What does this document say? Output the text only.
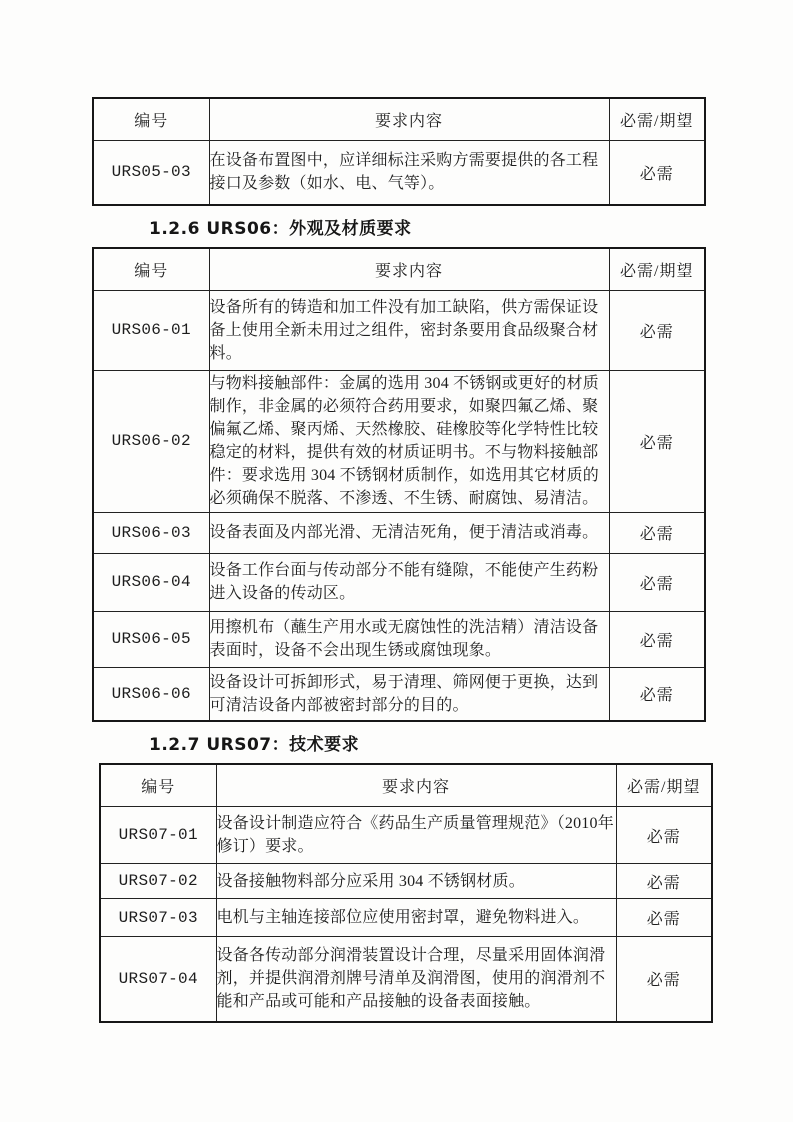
编号	要求内容	必需/期望
URS05-03	在设备布置图中，应详细标注采购方需要提供的各工程接口及参数（如水、电、气等）。	必需
1.2.6 URS06：外观及材质要求
编号	要求内容	必需/期望
URS06-01	设备所有的铸造和加工件没有加工缺陷，供方需保证设备上使用全新未用过之组件，密封条要用食品级聚合材料。	必需
URS06-02	与物料接触部件：金属的选用 304 不锈钢或更好的材质制作，非金属的必须符合药用要求，如聚四氟乙烯、聚偏氟乙烯、聚丙烯、天然橡胶、硅橡胶等化学特性比较稳定的材料，提供有效的材质证明书。不与物料接触部件：要求选用 304 不锈钢材质制作，如选用其它材质的必须确保不脱落、不渗透、不生锈、耐腐蚀、易清洁。	必需
URS06-03	设备表面及内部光滑、无清洁死角，便于清洁或消毒。	必需
URS06-04	设备工作台面与传动部分不能有缝隙，不能使产生药粉进入设备的传动区。	必需
URS06-05	用擦机布（蘸生产用水或无腐蚀性的洗洁精）清洁设备表面时，设备不会出现生锈或腐蚀现象。	必需
URS06-06	设备设计可拆卸形式，易于清理、筛网便于更换，达到可清洁设备内部被密封部分的目的。	必需
1.2.7 URS07：技术要求
编号	要求内容	必需/期望
URS07-01	设备设计制造应符合《药品生产质量管理规范》（2010年修订）要求。	必需
URS07-02	设备接触物料部分应采用 304 不锈钢材质。	必需
URS07-03	电机与主轴连接部位应使用密封罩，避免物料进入。	必需
URS07-04	设备各传动部分润滑装置设计合理，尽量采用固体润滑剂，并提供润滑剂牌号清单及润滑图，使用的润滑剂不能和产品或可能和产品接触的设备表面接触。	必需
